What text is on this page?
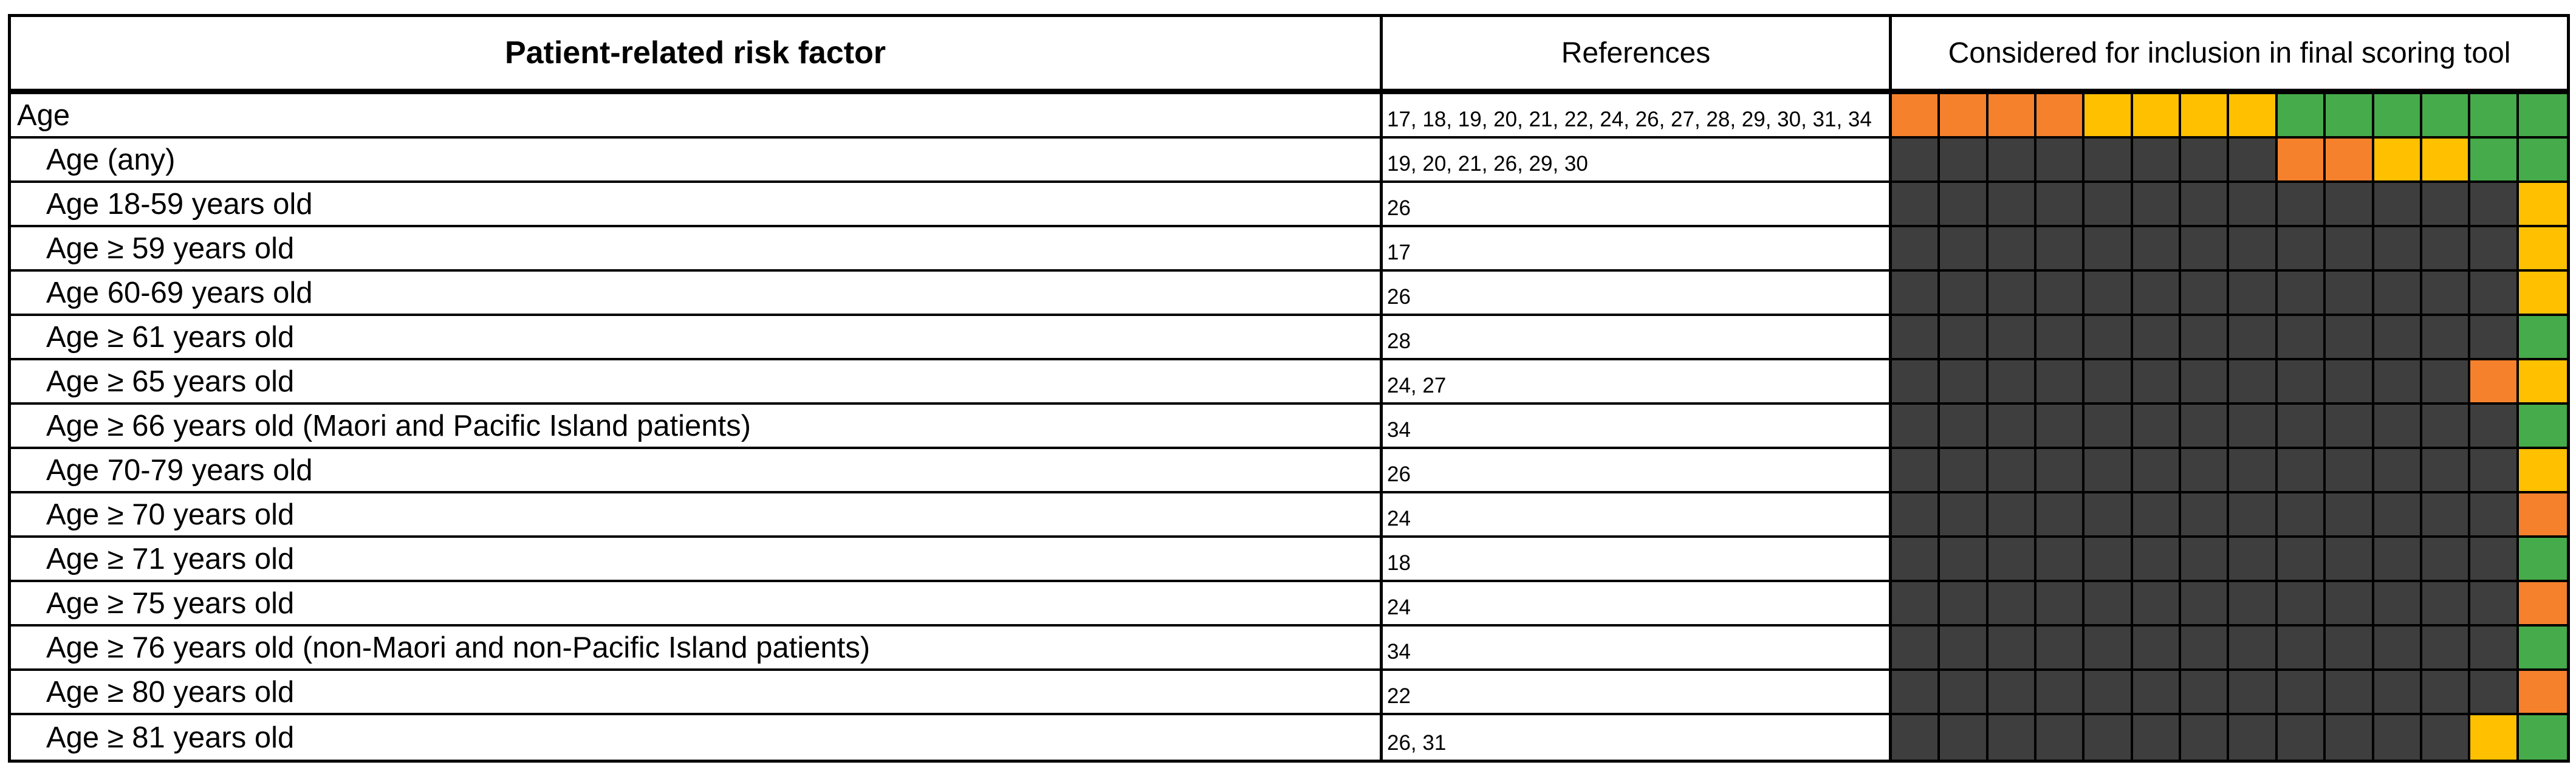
Patient-related risk factor	References	Considered for inclusion in final scoring tool
Age	17, 18, 19, 20, 21, 22, 24, 26, 27, 28, 29, 30, 31, 34
Age (any)	19, 20, 21, 26, 29, 30
Age 18-59 years old	26
Age ≥ 59 years old	17
Age 60-69 years old	26
Age ≥ 61 years old	28
Age ≥ 65 years old	24, 27
Age ≥ 66 years old (Maori and Pacific Island patients)	34
Age 70-79 years old	26
Age ≥ 70 years old	24
Age ≥ 71 years old	18
Age ≥ 75 years old	24
Age ≥ 76 years old (non-Maori and non-Pacific Island patients)	34
Age ≥ 80 years old	22
Age ≥ 81 years old	26, 31
